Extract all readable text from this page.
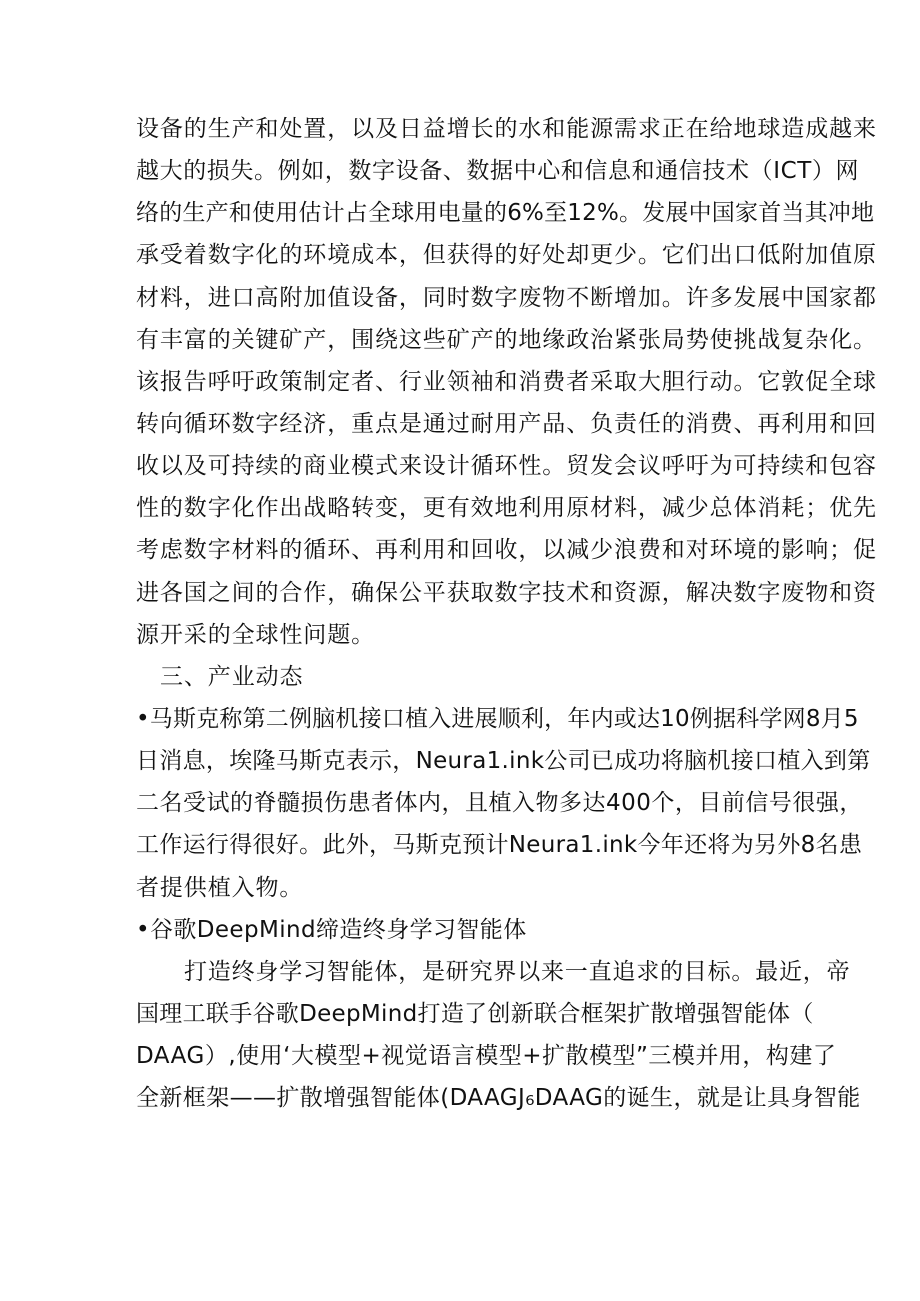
设备的生产和处置，以及日益增长的水和能源需求正在给地球造成越来
越大的损失。例如，数字设备、数据中心和信息和通信技术（ICT）网
络的生产和使用估计占全球用电量的6%至12%。发展中国家首当其冲地
承受着数字化的环境成本，但获得的好处却更少。它们出口低附加值原
材料，进口高附加值设备，同时数字废物不断增加。许多发展中国家都
有丰富的关键矿产，围绕这些矿产的地缘政治紧张局势使挑战复杂化。
该报告呼吁政策制定者、行业领袖和消费者采取大胆行动。它敦促全球
转向循环数字经济，重点是通过耐用产品、负责任的消费、再利用和回
收以及可持续的商业模式来设计循环性。贸发会议呼吁为可持续和包容
性的数字化作出战略转变，更有效地利用原材料，减少总体消耗；优先
考虑数字材料的循环、再利用和回收，以减少浪费和对环境的影响；促
进各国之间的合作，确保公平获取数字技术和资源，解决数字废物和资
源开采的全球性问题。
三、产业动态
•马斯克称第二例脑机接口植入进展顺利，年内或达10例据科学网8月5
日消息，埃隆马斯克表示，Neura1.ink公司已成功将脑机接口植入到第
二名受试的脊髓损伤患者体内，且植入物多达400个，目前信号很强，
工作运行得很好。此外，马斯克预计Neura1.ink今年还将为另外8名患
者提供植入物。
•谷歌DeepMind缔造终身学习智能体
打造终身学习智能体，是研究界以来一直追求的目标。最近，帝
国理工联手谷歌DeepMind打造了创新联合框架扩散增强智能体（
DAAG）,使用‘大模型+视觉语言模型+扩散模型”三模并用，构建了
全新框架——扩散增强智能体(DAAGJ₆DAAG的诞生，就是让具身智能
